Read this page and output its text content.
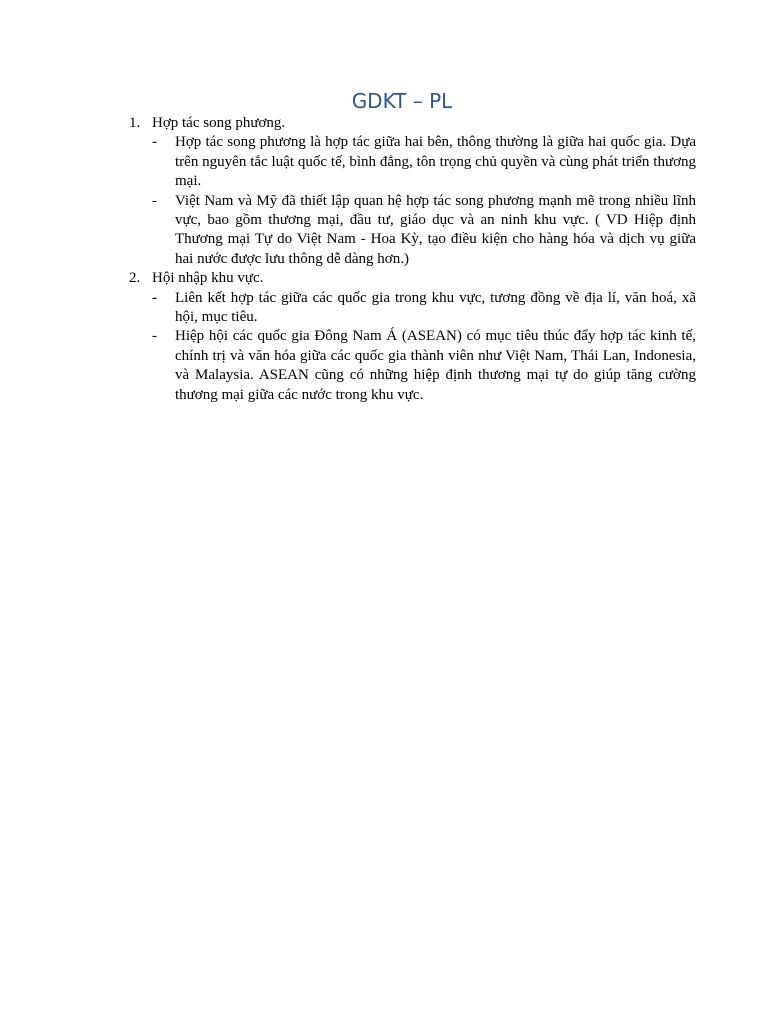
GDKT – PL
1. Hợp tác song phương.
- Hợp tác song phương là hợp tác giữa hai bên, thông thường là giữa hai quốc gia. Dựa trên nguyên tắc luật quốc tế, bình đẳng, tôn trọng chủ quyền và cùng phát triển thương mại.
- Việt Nam và Mỹ đã thiết lập quan hệ hợp tác song phương mạnh mẽ trong nhiều lĩnh vực, bao gồm thương mại, đầu tư, giáo dục và an ninh khu vực. ( VD Hiệp định Thương mại Tự do Việt Nam - Hoa Kỳ, tạo điều kiện cho hàng hóa và dịch vụ giữa hai nước được lưu thông dễ dàng hơn.)
2. Hội nhập khu vực.
- Liên kết hợp tác giữa các quốc gia trong khu vực, tương đồng về địa lí, văn hoá, xã hội, mục tiêu.
- Hiệp hội các quốc gia Đông Nam Á (ASEAN) có mục tiêu thúc đẩy hợp tác kinh tế, chính trị và văn hóa giữa các quốc gia thành viên như Việt Nam, Thái Lan, Indonesia, và Malaysia. ASEAN cũng có những hiệp định thương mại tự do giúp tăng cường thương mại giữa các nước trong khu vực.
